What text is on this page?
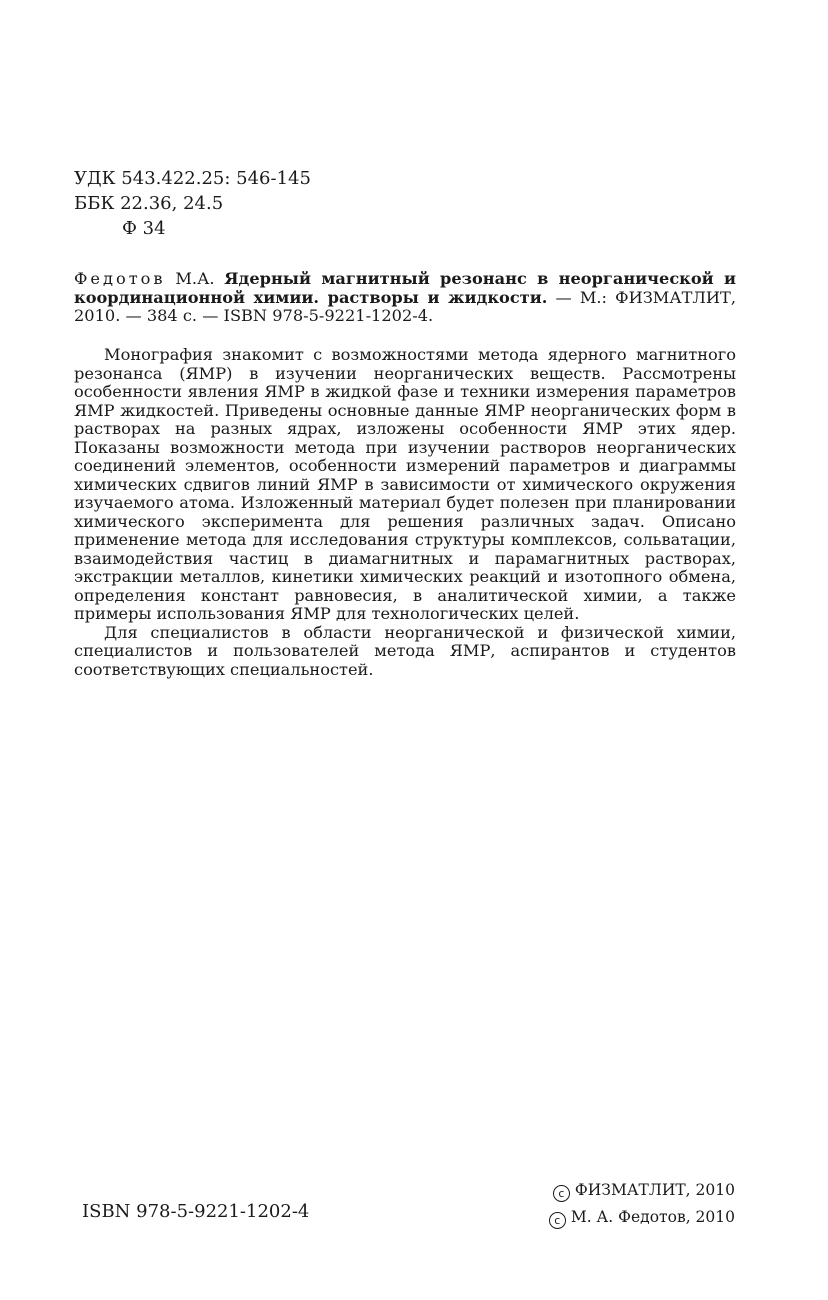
УДК 543.422.25: 546-145
ББК 22.36, 24.5
Ф 34
Федотов М.А. Ядерный магнитный резонанс в неорганической и координационной химии. растворы и жидкости. — М.: ФИЗМАТЛИТ, 2010. — 384 с. — ISBN 978-5-9221-1202-4.

Монография знакомит с возможностями метода ядерного магнитного резонанса (ЯМР) в изучении неорганических веществ. Рассмотрены особенности явления ЯМР в жидкой фазе и техники измерения параметров ЯМР жидкостей. Приведены основные данные ЯМР неорганических форм в растворах на разных ядрах, изложены особенности ЯМР этих ядер. Показаны возможности метода при изучении растворов неорганических соединений элементов, особенности измерений параметров и диаграммы химических сдвигов линий ЯМР в зависимости от химического окружения изучаемого атома. Изложенный материал будет полезен при планировании химического эксперимента для решения различных задач. Описано применение метода для исследования структуры комплексов, сольватации, взаимодействия частиц в диамагнитных и парамагнитных растворах, экстракции металлов, кинетики химических реакций и изотопного обмена, определения констант равновесия, в аналитической химии, а также примеры использования ЯМР для технологических целей.

Для специалистов в области неорганической и физической химии, специалистов и пользователей метода ЯМР, аспирантов и студентов соответствующих специальностей.

ISBN 978-5-9221-1202-4
c ФИЗМАТЛИТ, 2010
c М. А. Федотов, 2010
